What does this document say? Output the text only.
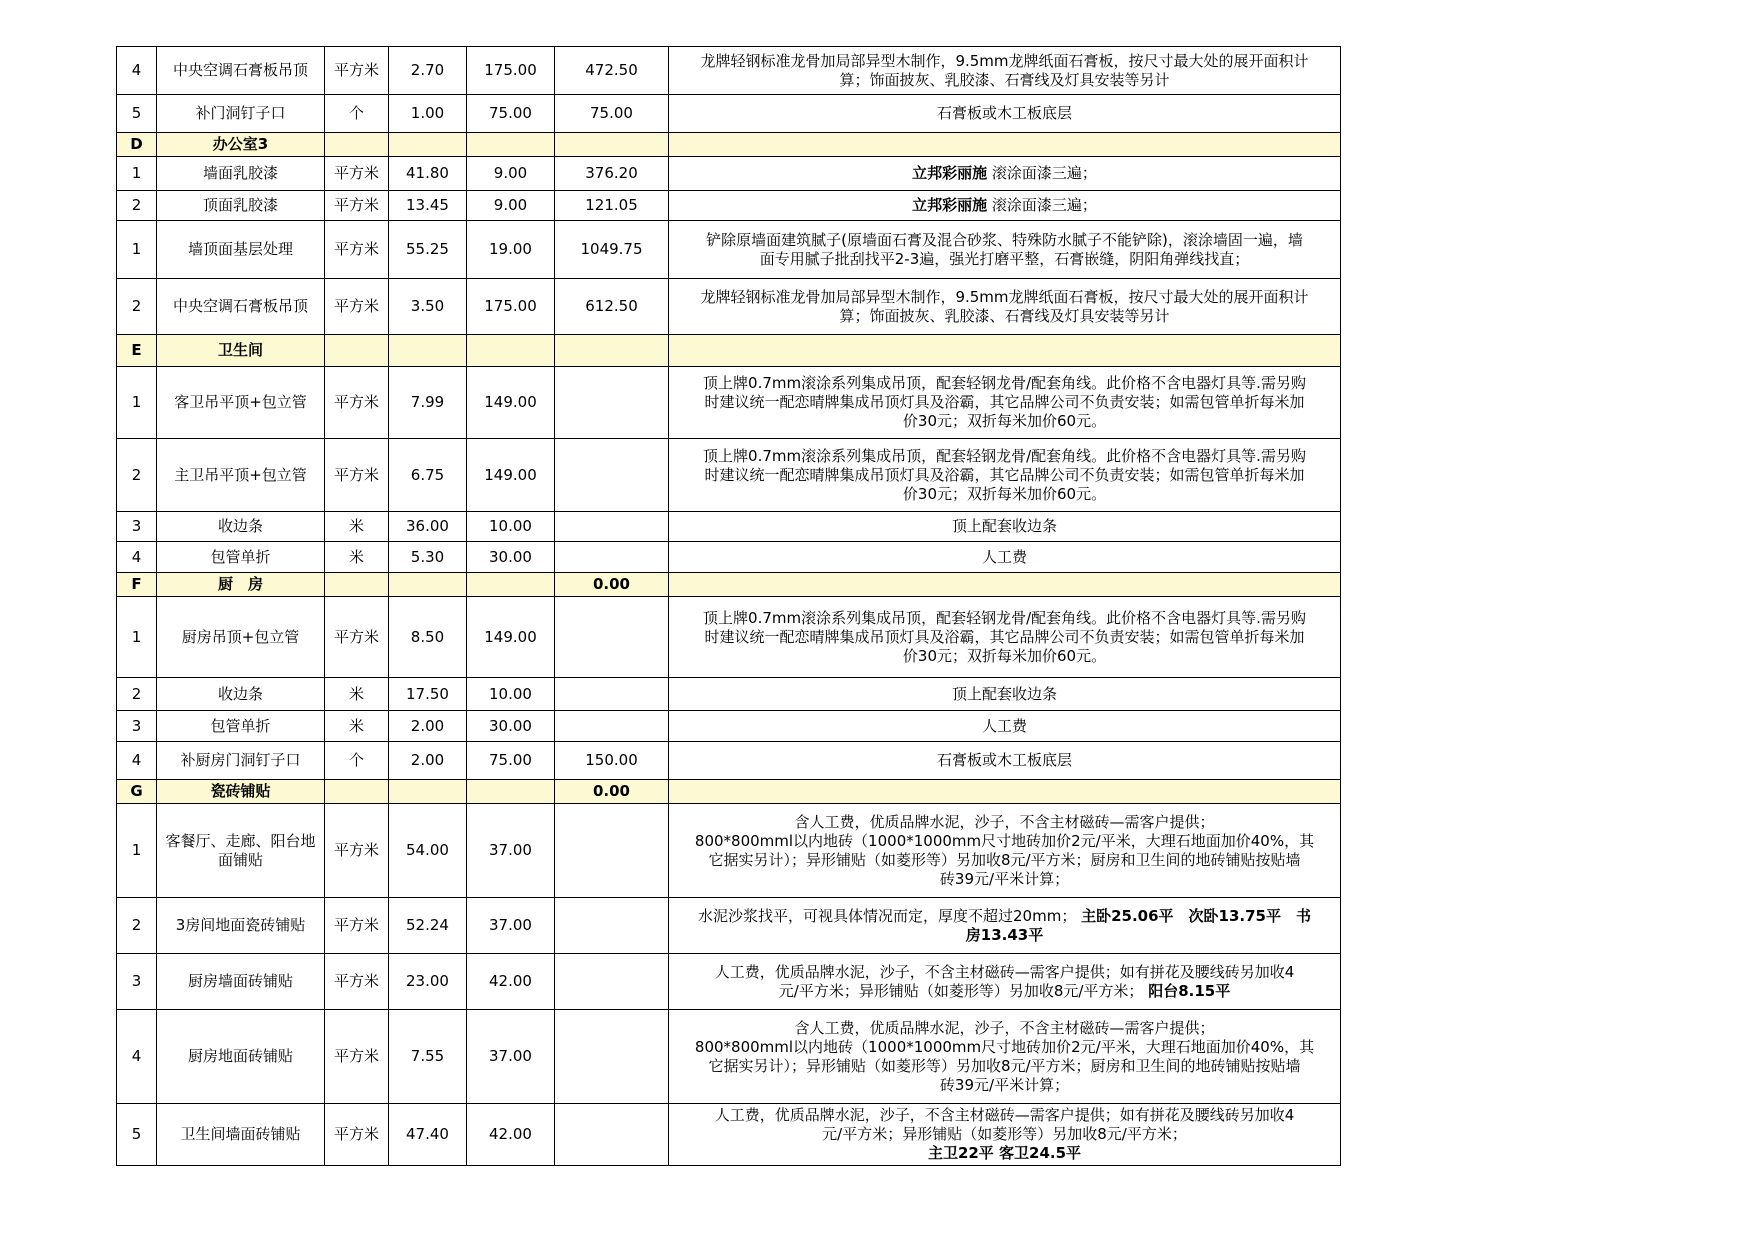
4	中央空调石膏板吊顶	平方米	2.70	175.00	472.50	龙牌轻钢标准龙骨加局部异型木制作，9.5mm龙牌纸面石膏板，按尺寸最大处的展开面积计
算；饰面披灰、乳胶漆、石膏线及灯具安装等另计

5	补门洞钉子口	个	1.00	75.00	75.00	石膏板或木工板底层

D	办公室3					
1	墙面乳胶漆	平方米	41.80	9.00	376.20	立邦彩丽施 滚涂面漆三遍；

2	顶面乳胶漆	平方米	13.45	9.00	121.05	立邦彩丽施 滚涂面漆三遍；

1	墙顶面基层处理	平方米	55.25	19.00	1049.75	铲除原墙面建筑腻子(原墙面石膏及混合砂浆、特殊防水腻子不能铲除)，滚涂墙固一遍，墙
面专用腻子批刮找平2-3遍，强光打磨平整，石膏嵌缝，阴阳角弹线找直；

2	中央空调石膏板吊顶	平方米	3.50	175.00	612.50	龙牌轻钢标准龙骨加局部异型木制作，9.5mm龙牌纸面石膏板，按尺寸最大处的展开面积计
算；饰面披灰、乳胶漆、石膏线及灯具安装等另计

E	卫生间					
1	客卫吊平顶+包立管	平方米	7.99	149.00		顶上牌0.7mm滚涂系列集成吊顶，配套轻钢龙骨/配套角线。此价格不含电器灯具等.需另购
时建议统一配恋晴牌集成吊顶灯具及浴霸，其它品牌公司不负责安装；如需包管单折每米加
价30元；双折每米加价60元。

2	主卫吊平顶+包立管	平方米	6.75	149.00		顶上牌0.7mm滚涂系列集成吊顶，配套轻钢龙骨/配套角线。此价格不含电器灯具等.需另购
时建议统一配恋晴牌集成吊顶灯具及浴霸，其它品牌公司不负责安装；如需包管单折每米加
价30元；双折每米加价60元。

3	收边条	米	36.00	10.00		顶上配套收边条

4	包管单折	米	5.30	30.00		人工费

F	厨　房				0.00	
1	厨房吊顶+包立管	平方米	8.50	149.00		顶上牌0.7mm滚涂系列集成吊顶，配套轻钢龙骨/配套角线。此价格不含电器灯具等.需另购
时建议统一配恋晴牌集成吊顶灯具及浴霸，其它品牌公司不负责安装；如需包管单折每米加
价30元；双折每米加价60元。

2	收边条	米	17.50	10.00		顶上配套收边条

3	包管单折	米	2.00	30.00		人工费

4	补厨房门洞钉子口	个	2.00	75.00	150.00	石膏板或木工板底层

G	瓷砖铺贴				0.00	
1	客餐厅、走廊、阳台地面铺贴	平方米	54.00	37.00		含人工费，优质品牌水泥，沙子，不含主材磁砖—需客户提供；
800*800mml以内地砖（1000*1000mm尺寸地砖加价2元/平米，大理石地面加价40%，其
它据实另计）；异形铺贴（如菱形等）另加收8元/平方米；厨房和卫生间的地砖铺贴按贴墙
砖39元/平米计算；

2	3房间地面瓷砖铺贴	平方米	52.24	37.00		水泥沙浆找平，可视具体情况而定，厚度不超过20mm； 主卧25.06平　次卧13.75平　书
房13.43平

3	厨房墙面砖铺贴	平方米	23.00	42.00		人工费，优质品牌水泥，沙子，不含主材磁砖—需客户提供；如有拼花及腰线砖另加收4
元/平方米；异形铺贴（如菱形等）另加收8元/平方米； 阳台8.15平

4	厨房地面砖铺贴	平方米	7.55	37.00		含人工费，优质品牌水泥，沙子，不含主材磁砖—需客户提供；
800*800mml以内地砖（1000*1000mm尺寸地砖加价2元/平米，大理石地面加价40%，其
它据实另计）；异形铺贴（如菱形等）另加收8元/平方米；厨房和卫生间的地砖铺贴按贴墙
砖39元/平米计算；

5	卫生间墙面砖铺贴	平方米	47.40	42.00		人工费，优质品牌水泥，沙子，不含主材磁砖—需客户提供；如有拼花及腰线砖另加收4
元/平方米；异形铺贴（如菱形等）另加收8元/平方米；
主卫22平 客卫24.5平
